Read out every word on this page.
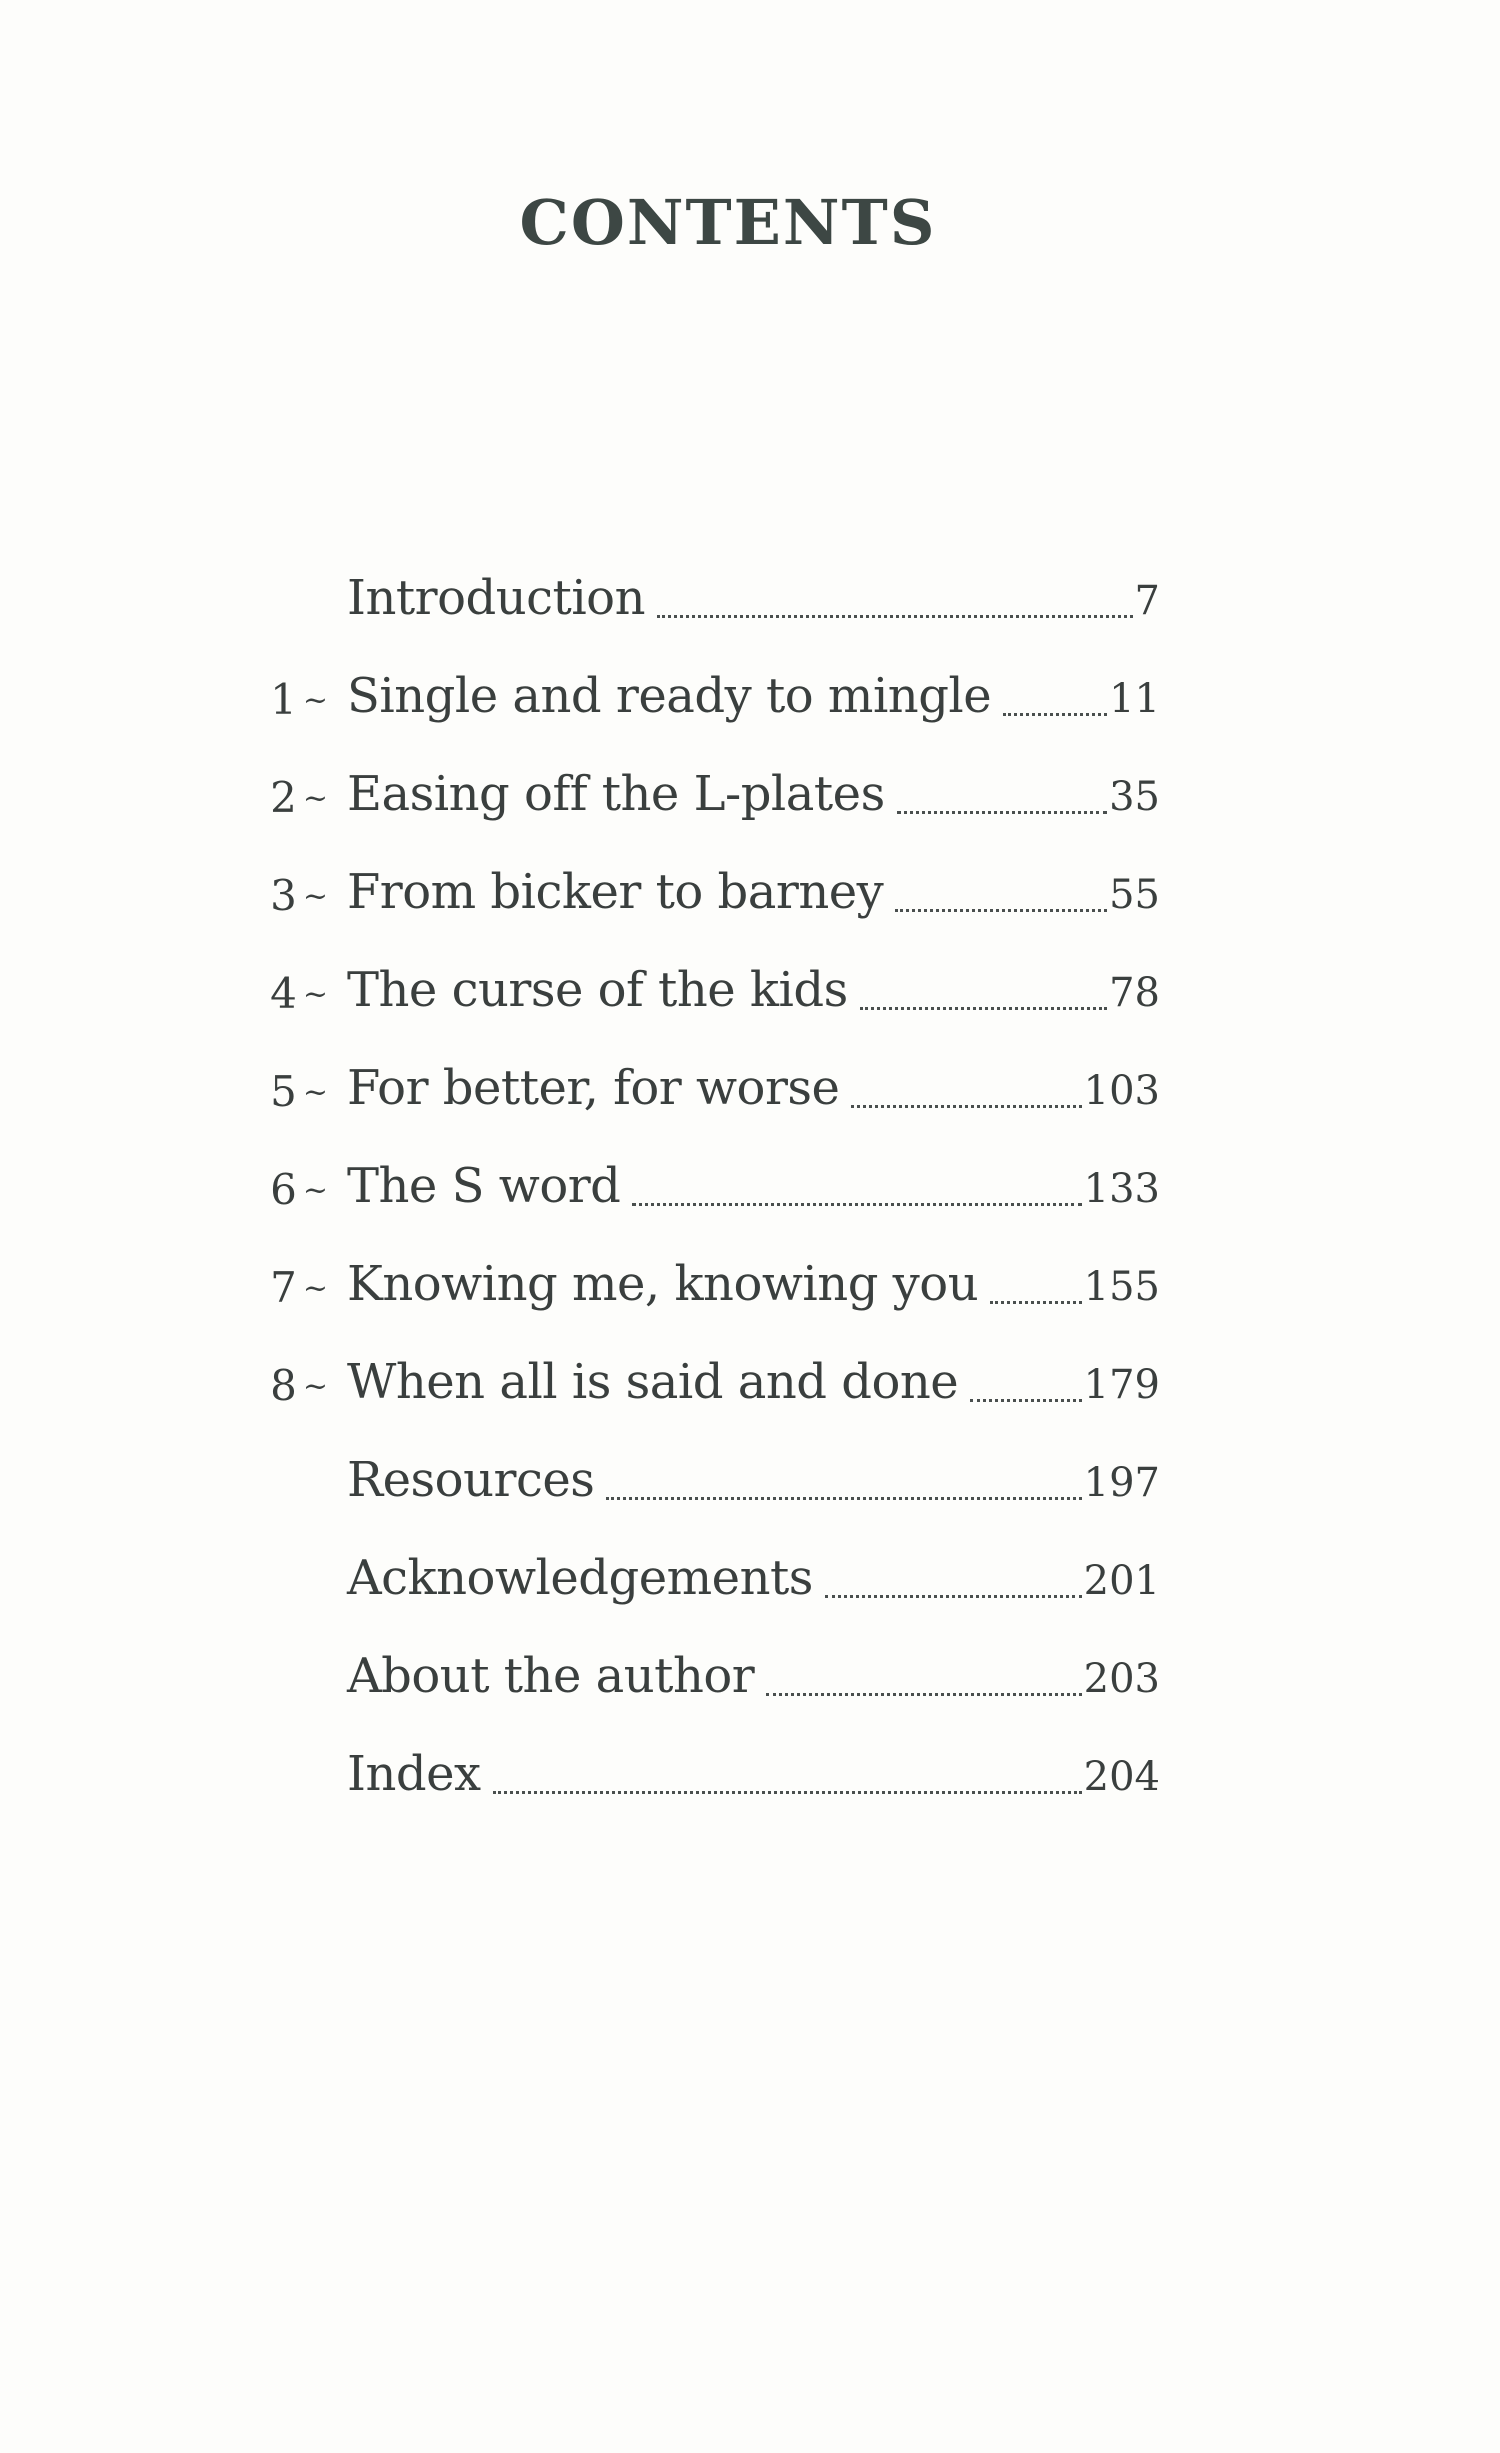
CONTENTS
Introduction	7
1 ~ Single and ready to mingle	11
2 ~ Easing off the L-plates	35
3 ~ From bicker to barney	55
4 ~ The curse of the kids	78
5 ~ For better, for worse	103
6 ~ The S word	133
7 ~ Knowing me, knowing you	155
8 ~ When all is said and done	179
Resources	197
Acknowledgements	201
About the author	203
Index	204
